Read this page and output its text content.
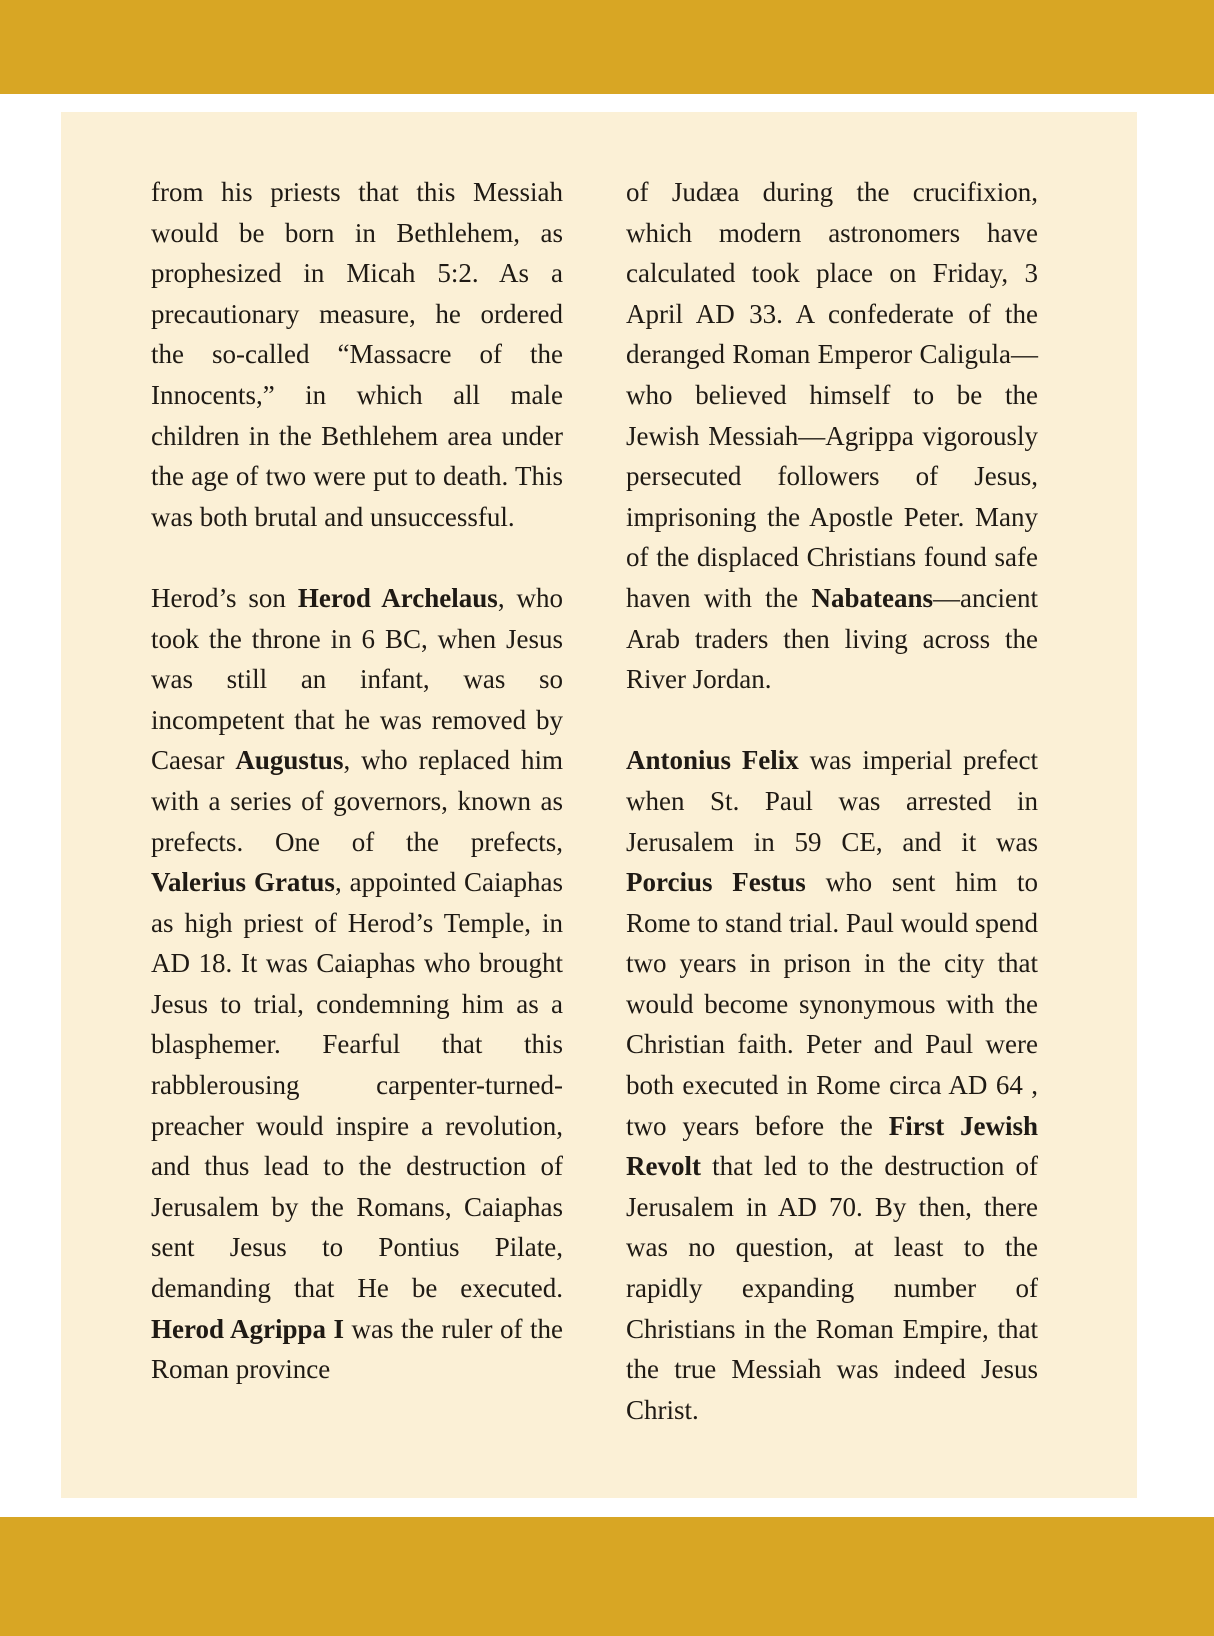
from his priests that this Messiah would be born in Bethlehem, as prophesized in Micah 5:2. As a precautionary measure, he ordered the so-called “Massacre of the Innocents,” in which all male children in the Bethlehem area under the age of two were put to death. This was both brutal and unsuccessful.

Herod’s son Herod Archelaus, who took the throne in 6 BC, when Jesus was still an infant, was so incompetent that he was removed by Caesar Augustus, who replaced him with a series of governors, known as prefects. One of the prefects, Valerius Gratus, appointed Caiaphas as high priest of Herod’s Temple, in AD 18. It was Caiaphas who brought Jesus to trial, condemning him as a blasphemer. Fearful that this rabblerousing carpenter-turned-preacher would inspire a revolution, and thus lead to the destruction of Jerusalem by the Romans, Caiaphas sent Jesus to Pontius Pilate, demanding that He be executed. Herod Agrippa I was the ruler of the Roman province

of Judæa during the crucifixion, which modern astronomers have calculated took place on Friday, 3 April AD 33. A confederate of the deranged Roman Emperor Caligula—who believed himself to be the Jewish Messiah—Agrippa vigorously persecuted followers of Jesus, imprisoning the Apostle Peter. Many of the displaced Christians found safe haven with the Nabateans—ancient Arab traders then living across the River Jordan.

Antonius Felix was imperial prefect when St. Paul was arrested in Jerusalem in 59 CE, and it was Porcius Festus who sent him to Rome to stand trial. Paul would spend two years in prison in the city that would become synonymous with the Christian faith. Peter and Paul were both executed in Rome circa AD 64 , two years before the First Jewish Revolt that led to the destruction of Jerusalem in AD 70. By then, there was no question, at least to the rapidly expanding number of Christians in the Roman Empire, that the true Messiah was indeed Jesus Christ.
